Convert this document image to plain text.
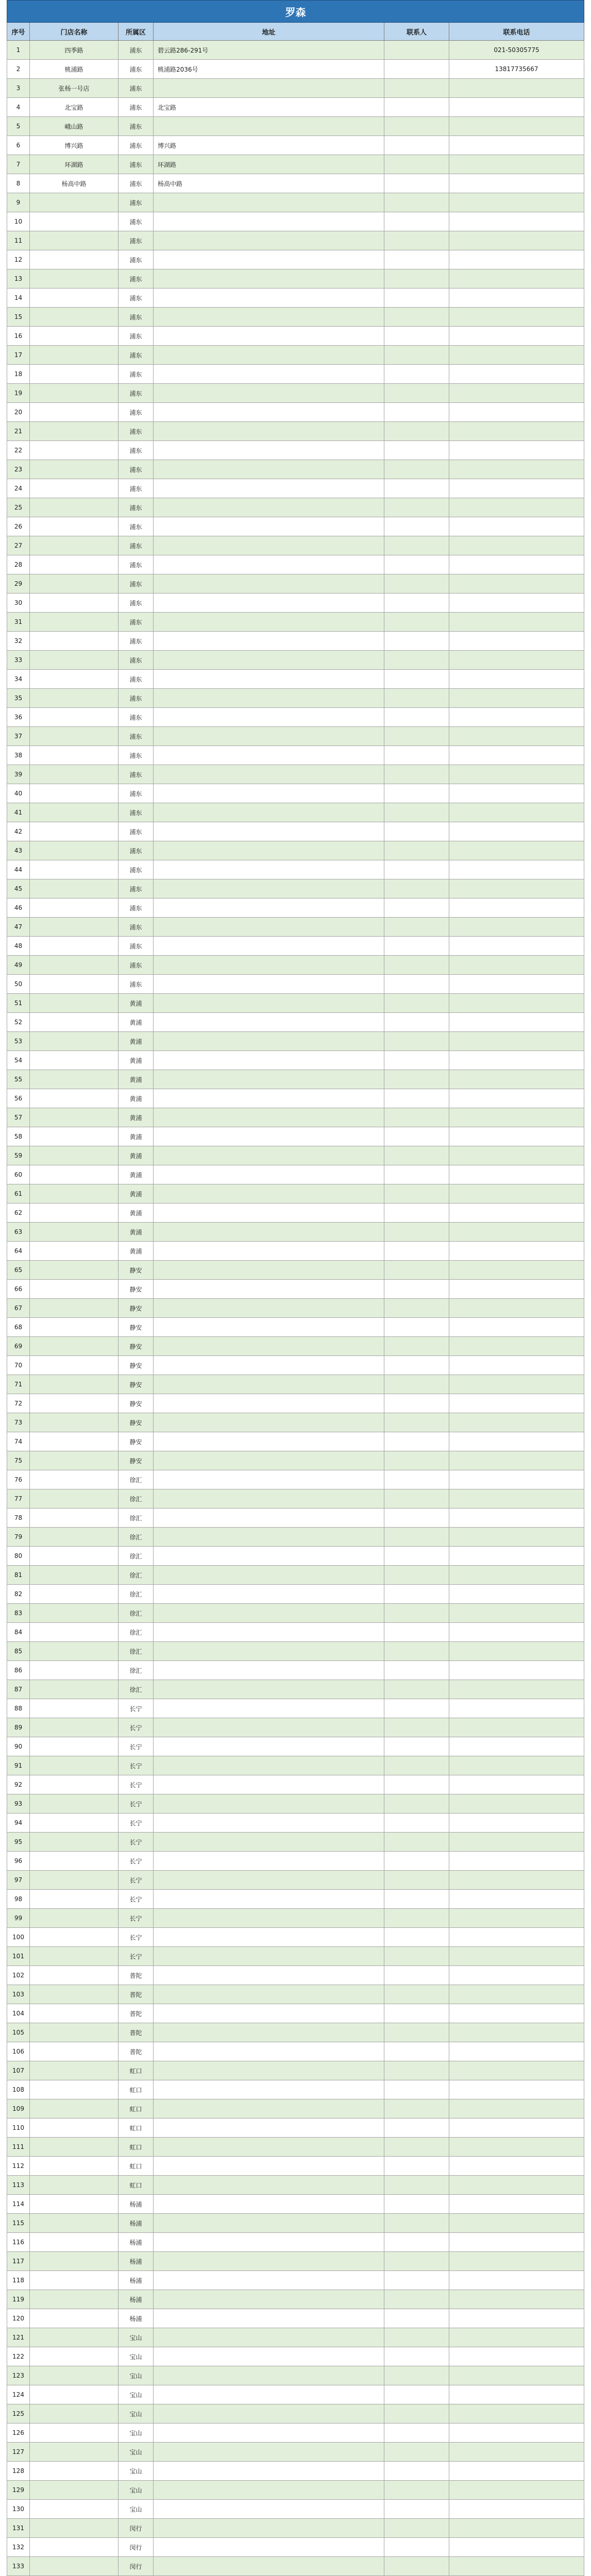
罗森					
序号	门店名称	所属区	地址	联系人	联系电话
1	四季路	浦东	碧云路286-291号		021-50305775
2	桃浦路	浦东	桃浦路2036号		13817735667
3	张杨一号店	浦东			
4	北宝路	浦东	北宝路		
5	峨山路	浦东			
6	博兴路	浦东	博兴路		
7	环湖路	浦东	环湖路		
8	杨高中路	浦东	杨高中路		
9		浦东			
10		浦东			
11		浦东			
12		浦东			
13		浦东			
14		浦东			
15		浦东			
16		浦东			
17		浦东			
18		浦东			
19		浦东			
20		浦东			
21		浦东			
22		浦东			
23		浦东			
24		浦东			
25		浦东			
26		浦东			
27		浦东			
28		浦东			
29		浦东			
30		浦东			
31		浦东			
32		浦东			
33		浦东			
34		浦东			
35		浦东			
36		浦东			
37		浦东			
38		浦东			
39		浦东			
40		浦东			
41		浦东			
42		浦东			
43		浦东			
44		浦东			
45		浦东			
46		浦东			
47		浦东			
48		浦东			
49		浦东			
50		浦东			
51		黄浦			
52		黄浦			
53		黄浦			
54		黄浦			
55		黄浦			
56		黄浦			
57		黄浦			
58		黄浦			
59		黄浦			
60		黄浦			
61		黄浦			
62		黄浦			
63		黄浦			
64		黄浦			
65		静安			
66		静安			
67		静安			
68		静安			
69		静安			
70		静安			
71		静安			
72		静安			
73		静安			
74		静安			
75		静安			
76		徐汇			
77		徐汇			
78		徐汇			
79		徐汇			
80		徐汇			
81		徐汇			
82		徐汇			
83		徐汇			
84		徐汇			
85		徐汇			
86		徐汇			
87		徐汇			
88		长宁			
89		长宁			
90		长宁			
91		长宁			
92		长宁			
93		长宁			
94		长宁			
95		长宁			
96		长宁			
97		长宁			
98		长宁			
99		长宁			
100		长宁			
101		长宁			
102		普陀			
103		普陀			
104		普陀			
105		普陀			
106		普陀			
107		虹口			
108		虹口			
109		虹口			
110		虹口			
111		虹口			
112		虹口			
113		虹口			
114		杨浦			
115		杨浦			
116		杨浦			
117		杨浦			
118		杨浦			
119		杨浦			
120		杨浦			
121		宝山			
122		宝山			
123		宝山			
124		宝山			
125		宝山			
126		宝山			
127		宝山			
128		宝山			
129		宝山			
130		宝山			
131		闵行			
132		闵行			
133		闵行			
